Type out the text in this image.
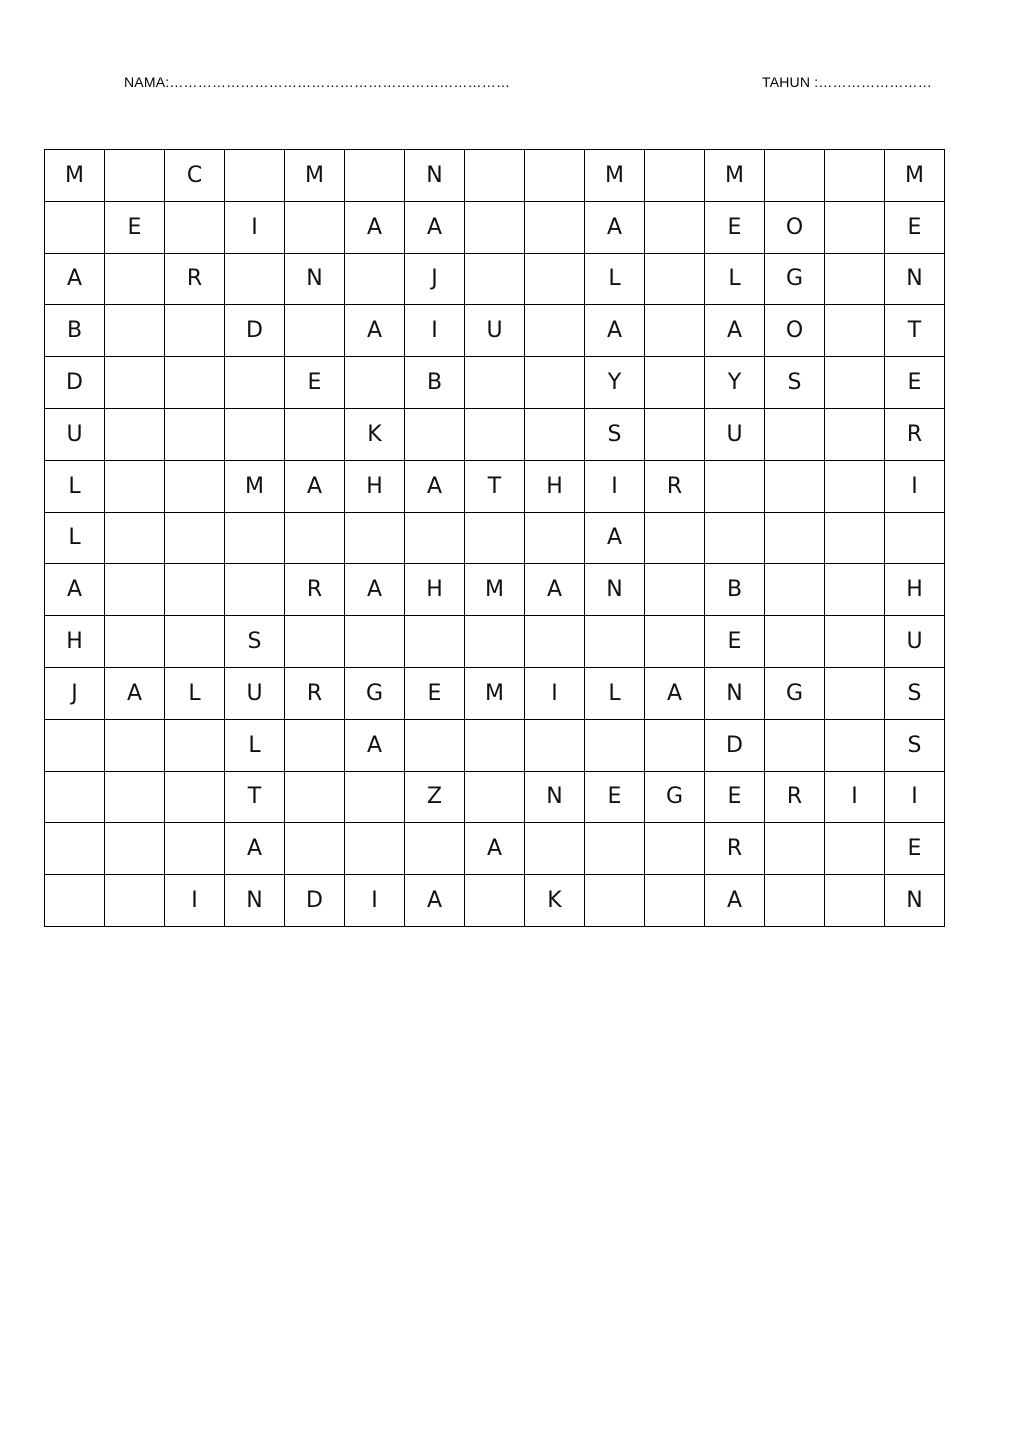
NAMA:………………………………………………………………	TAHUN :……………………
M		C		M		N			M		M			M
	E		I		A	A			A		E	O		E
A		R		N		J			L		L	G		N
B			D		A	I	U		A		A	O		T
D				E		B			Y		Y	S		E
U					K				S		U			R
L			M	A	H	A	T	H	I	R				I
L									A					
A				R	A	H	M	A	N		B			H
H			S								E			U
J	A	L	U	R	G	E	M	I	L	A	N	G		S
			L		A						D			S
			T			Z		N	E	G	E	R	I	I
			A				A				R			E
		I	N	D	I	A		K			A			N
